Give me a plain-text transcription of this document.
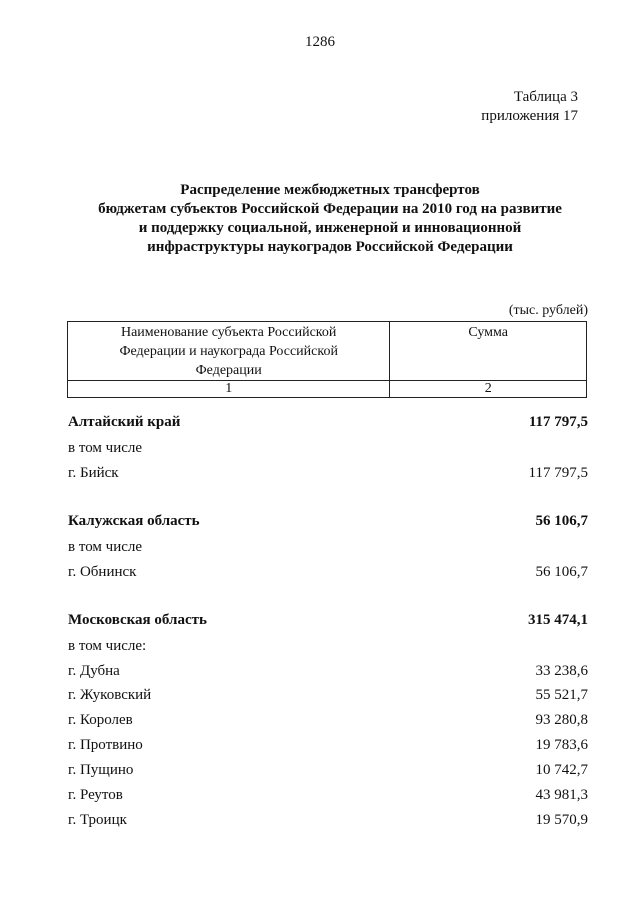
1286
Таблица 3
приложения 17
Распределение межбюджетных трансфертов
бюджетам субъектов Российской Федерации на 2010 год на развитие
и поддержку социальной, инженерной и инновационной
инфраструктуры наукоградов Российской Федерации
(тыс. рублей)
Наименование субъекта Российской
Федерации и наукограда Российской
Федерации	Сумма
1	2
Алтайский край	117 797,5
в том числе
г. Бийск	117 797,5
Калужская область	56 106,7
в том числе
г. Обнинск	56 106,7
Московская область	315 474,1
в том числе:
г. Дубна	33 238,6
г. Жуковский	55 521,7
г. Королев	93 280,8
г. Протвино	19 783,6
г. Пущино	10 742,7
г. Реутов	43 981,3
г. Троицк	19 570,9
